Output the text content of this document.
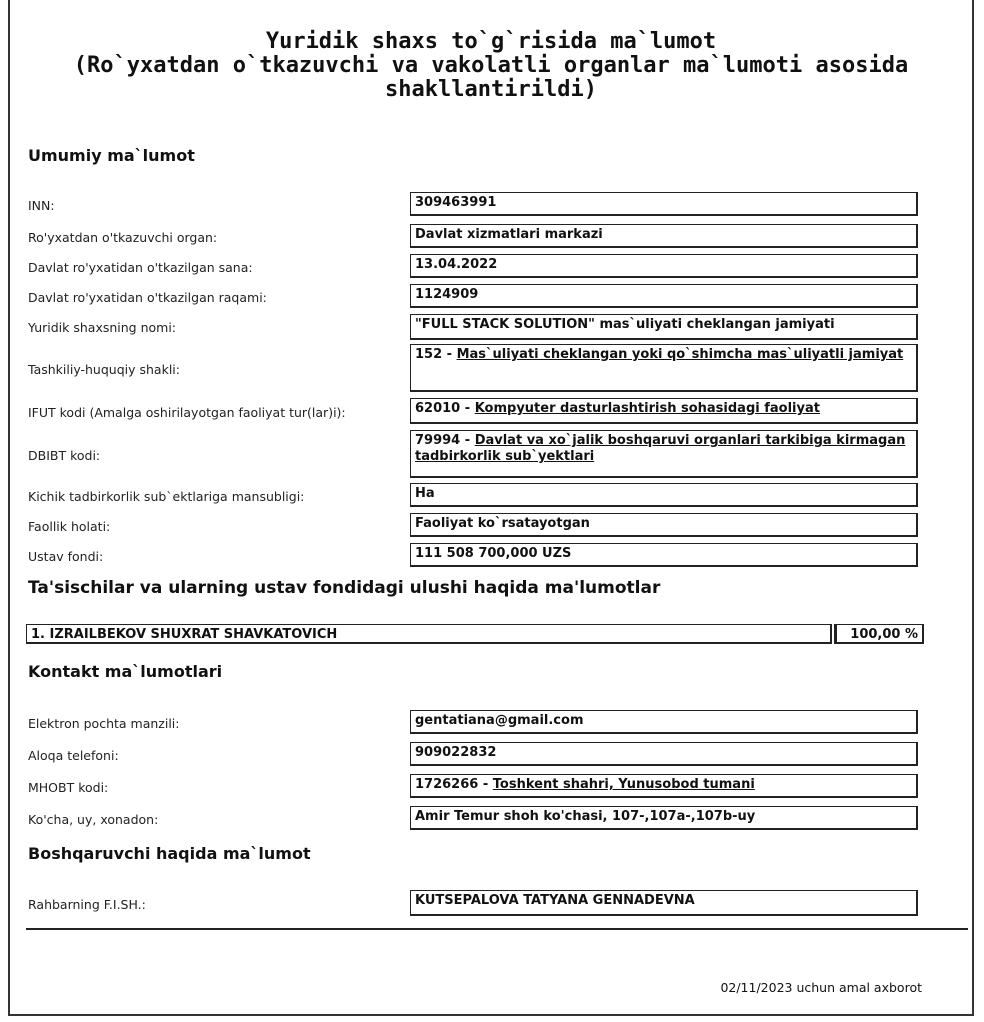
Yuridik shaxs to`g`risida ma`lumot
(Ro`yxatdan o`tkazuvchi va vakolatli organlar ma`lumoti asosida
shakllantirildi)
Umumiy ma`lumot
INN:	309463991
Ro'yxatdan o'tkazuvchi organ:	Davlat xizmatlari markazi
Davlat ro'yxatidan o'tkazilgan sana:	13.04.2022
Davlat ro'yxatidan o'tkazilgan raqami:	1124909
Yuridik shaxsning nomi:	"FULL STACK SOLUTION" mas`uliyati cheklangan jamiyati
Tashkiliy-huquqiy shakli:
152 - Mas`uliyati cheklangan yoki qo`shimcha mas`uliyatli jamiyat
IFUT kodi (Amalga oshirilayotgan faoliyat tur(lar)i):	62010 - Kompyuter dasturlashtirish sohasidagi faoliyat
DBIBT kodi:
79994 - Davlat va xo`jalik boshqaruvi organlari tarkibiga kirmagan tadbirkorlik sub`yektlari
Kichik tadbirkorlik sub`ektlariga mansubligi:	Ha
Faollik holati:	Faoliyat ko`rsatayotgan
Ustav fondi:	111 508 700,000 UZS
Ta'sischilar va ularning ustav fondidagi ulushi haqida ma'lumotlar
1. IZRAILBEKOV SHUXRAT SHAVKATOVICH	100,00 %
Kontakt ma`lumotlari
Elektron pochta manzili:	gentatiana@gmail.com
Aloqa telefoni:	909022832
MHOBT kodi:	1726266 - Toshkent shahri, Yunusobod tumani
Ko'cha, uy, xonadon:	Amir Temur shoh ko'chasi, 107-,107a-,107b-uy
Boshqaruvchi haqida ma`lumot
Rahbarning F.I.SH.:	KUTSEPALOVA TATYANA GENNADEVNA
02/11/2023 uchun amal axborot
